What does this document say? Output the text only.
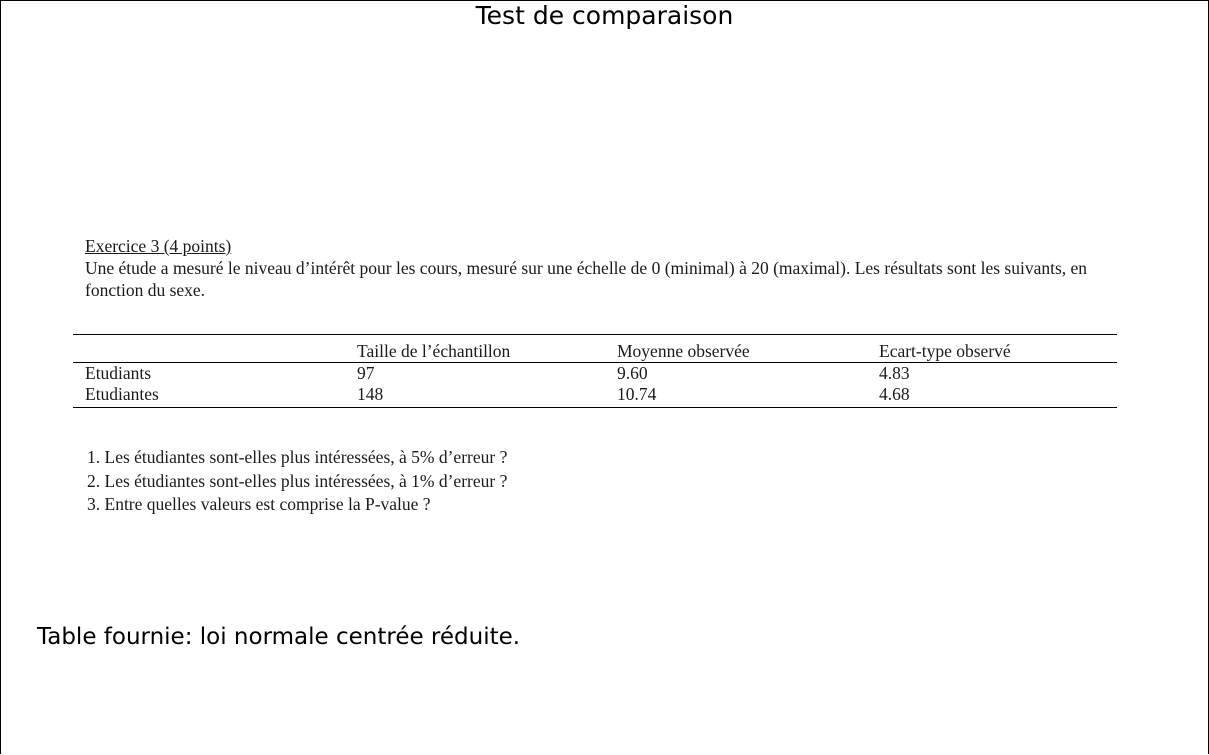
Test de comparaison
Exercice 3 (4 points)
Une étude a mesuré le niveau d’intérêt pour les cours, mesuré sur une échelle de 0 (minimal) à 20 (maximal). Les résultats sont les suivants, en fonction du sexe.
	Taille de l’échantillon	Moyenne observée	Ecart-type observé
Etudiants	97	9.60	4.83
Etudiantes	148	10.74	4.68
1. Les étudiantes sont-elles plus intéressées, à 5% d’erreur ?
2. Les étudiantes sont-elles plus intéressées, à 1% d’erreur ?
3. Entre quelles valeurs est comprise la P-value ?
Table fournie: loi normale centrée réduite.
